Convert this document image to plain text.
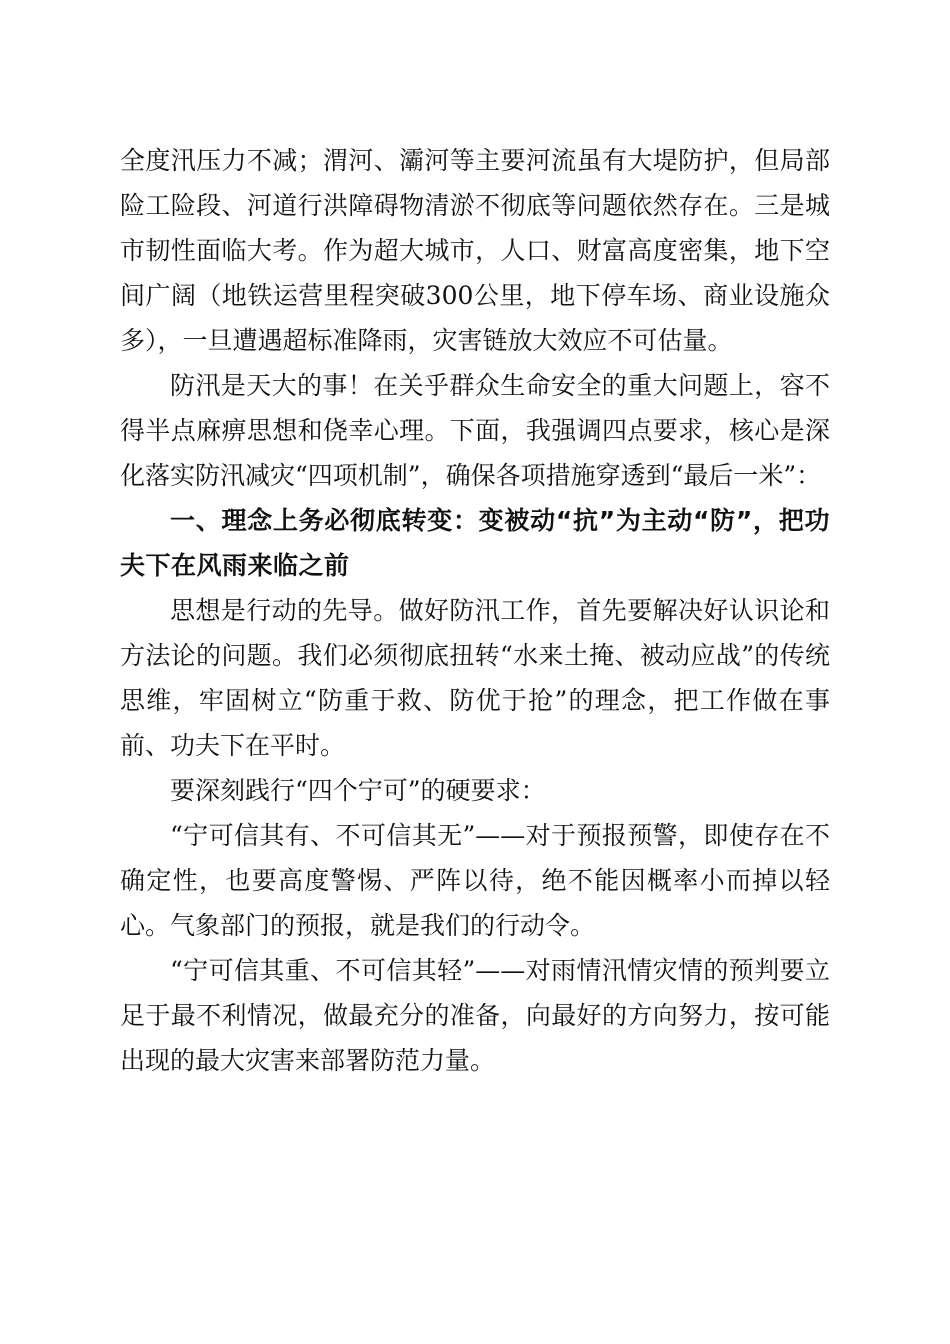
全度汛压力不减；渭河、灞河等主要河流虽有大堤防护，但局部险工险段、河道行洪障碍物清淤不彻底等问题依然存在。三是城市韧性面临大考。作为超大城市，人口、财富高度密集，地下空间广阔（地铁运营里程突破300公里，地下停车场、商业设施众多），一旦遭遇超标准降雨，灾害链放大效应不可估量。

防汛是天大的事！在关乎群众生命安全的重大问题上，容不得半点麻痹思想和侥幸心理。下面，我强调四点要求，核心是深化落实防汛减灾“四项机制”，确保各项措施穿透到“最后一米”：

一、理念上务必彻底转变：变被动“抗”为主动“防”，把功夫下在风雨来临之前

思想是行动的先导。做好防汛工作，首先要解决好认识论和方法论的问题。我们必须彻底扭转“水来土掩、被动应战”的传统思维，牢固树立“防重于救、防优于抢”的理念，把工作做在事前、功夫下在平时。

要深刻践行“四个宁可”的硬要求：

“宁可信其有、不可信其无”——对于预报预警，即使存在不确定性，也要高度警惕、严阵以待，绝不能因概率小而掉以轻心。气象部门的预报，就是我们的行动令。

“宁可信其重、不可信其轻”——对雨情汛情灾情的预判要立足于最不利情况，做最充分的准备，向最好的方向努力，按可能出现的最大灾害来部署防范力量。
